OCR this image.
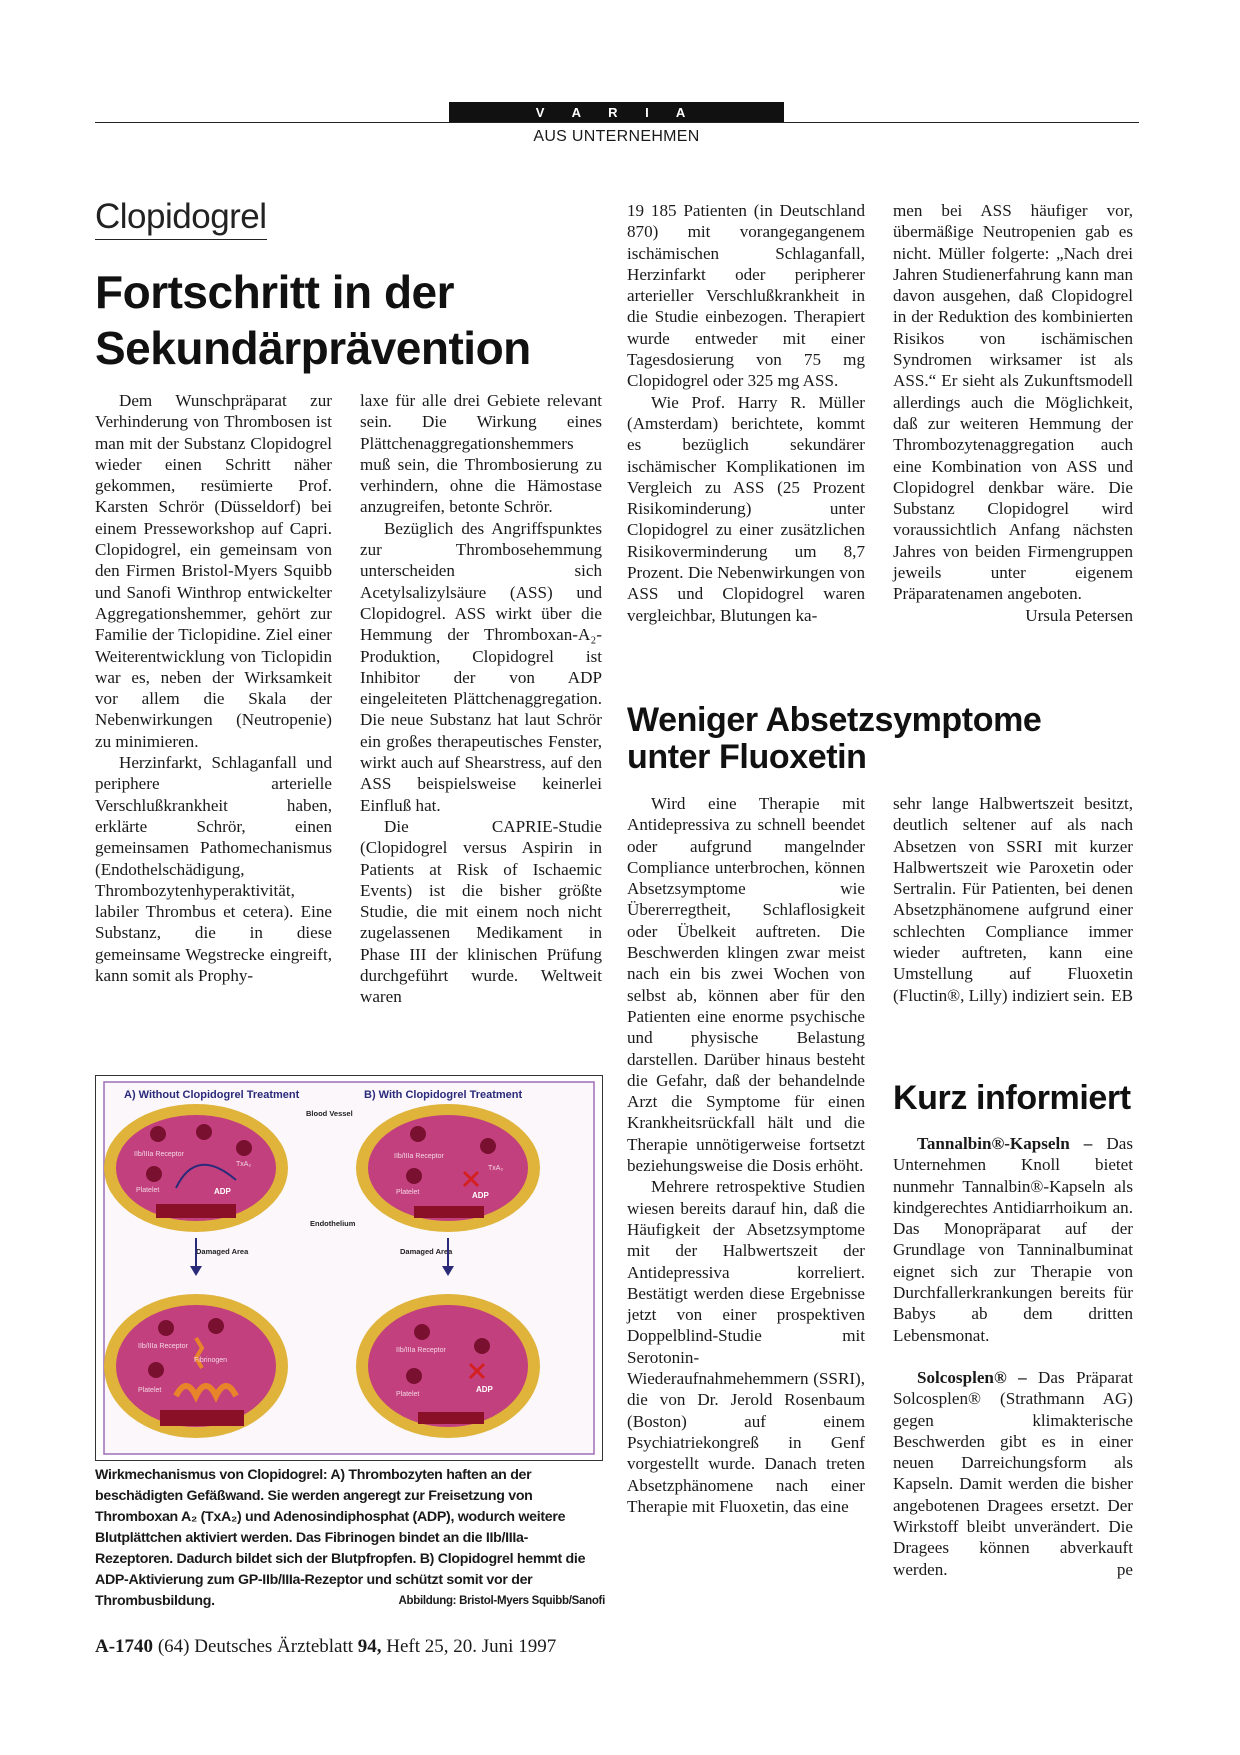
V A R I A
AUS UNTERNEHMEN
Clopidogrel
Fortschritt in der
Sekundärprävention

Dem Wunschpräparat zur Verhinderung von Thrombosen ist man mit der Substanz Clopidogrel wieder einen Schritt näher gekommen, resümierte Prof. Karsten Schrör (Düsseldorf) bei einem Presseworkshop auf Capri. Clopidogrel, ein gemeinsam von den Firmen Bristol-Myers Squibb und Sanofi Winthrop entwickelter Aggregationshemmer, gehört zur Familie der Ticlopidine. Ziel einer Weiterentwicklung von Ticlopidin war es, neben der Wirksamkeit vor allem die Skala der Nebenwirkungen (Neutropenie) zu minimieren.

Herzinfarkt, Schlaganfall und periphere arterielle Verschlußkrankheit haben, erklärte Schrör, einen gemeinsamen Pathomechanismus (Endothelschädigung, Thrombozytenhyperaktivität, labiler Thrombus et cetera). Eine Substanz, die in diese gemeinsame Wegstrecke eingreift, kann somit als Prophy-

laxe für alle drei Gebiete relevant sein. Die Wirkung eines Plättchenaggregationshemmers muß sein, die Thrombosierung zu verhindern, ohne die Hämostase anzugreifen, betonte Schrör.

Bezüglich des Angriffspunktes zur Thrombosehemmung unterscheiden sich Acetylsalizylsäure (ASS) und Clopidogrel. ASS wirkt über die Hemmung der Thromboxan-A₂-Produktion, Clopidogrel ist Inhibitor der von ADP eingeleiteten Plättchenaggregation. Die neue Substanz hat laut Schrör ein großes therapeutisches Fenster, wirkt auch auf Shearstress, auf den ASS beispielsweise keinerlei Einfluß hat.

Die CAPRIE-Studie (Clopidogrel versus Aspirin in Patients at Risk of Ischaemic Events) ist die bisher größte Studie, die mit einem noch nicht zugelassenen Medikament in Phase III der klinischen Prüfung durchgeführt wurde. Weltweit waren

19 185 Patienten (in Deutschland 870) mit vorangegangenem ischämischen Schlaganfall, Herzinfarkt oder peripherer arterieller Verschlußkrankheit in die Studie einbezogen. Therapiert wurde entweder mit einer Tagesdosierung von 75 mg Clopidogrel oder 325 mg ASS.

Wie Prof. Harry R. Müller (Amsterdam) berichtete, kommt es bezüglich sekundärer ischämischer Komplikationen im Vergleich zu ASS (25 Prozent Risikominderung) unter Clopidogrel zu einer zusätzlichen Risikoverminderung um 8,7 Prozent. Die Nebenwirkungen von ASS und Clopidogrel waren vergleichbar, Blutungen ka-

men bei ASS häufiger vor, übermäßige Neutropenien gab es nicht. Müller folgerte: „Nach drei Jahren Studienerfahrung kann man davon ausgehen, daß Clopidogrel in der Reduktion des kombinierten Risikos von ischämischen Syndromen wirksamer ist als ASS.“ Er sieht als Zukunftsmodell allerdings auch die Möglichkeit, daß zur weiteren Hemmung der Thrombozytenaggregation auch eine Kombination von ASS und Clopidogrel denkbar wäre. Die Substanz Clopidogrel wird voraussichtlich Anfang nächsten Jahres von beiden Firmengruppen jeweils unter eigenem Präparatenamen angeboten.
Ursula Petersen

A) Without Clopidogrel Treatment	B) With Clopidogrel Treatment
IIb/IIIa Receptor
Platelet
TxA₂
ADP
IIb/IIIa Receptor
Platelet
TxA₂
ADP
Blood Vessel
Endothelium
Damaged Area	Damaged Area
IIb/IIIa Receptor
Fibrinogen
Platelet
IIb/IIIa Receptor
Platelet
ADP
Wirkmechanismus von Clopidogrel: A) Thrombozyten haften an der beschädigten Gefäßwand. Sie werden angeregt zur Freisetzung von Thromboxan A₂ (TxA₂) und Adenosindiphosphat (ADP), wodurch weitere Blutplättchen aktiviert werden. Das Fibrinogen bindet an die IIb/IIIa-Rezeptoren. Dadurch bildet sich der Blutpfropfen. B) Clopidogrel hemmt die ADP-Aktivierung zum GP-IIb/IIIa-Rezeptor und schützt somit vor der Thrombusbildung.	Abbildung: Bristol-Myers Squibb/Sanofi
Weniger Absetzsymptome
unter Fluoxetin

Wird eine Therapie mit Antidepressiva zu schnell beendet oder aufgrund mangelnder Compliance unterbrochen, können Absetzsymptome wie Übererregtheit, Schlaflosigkeit oder Übelkeit auftreten. Die Beschwerden klingen zwar meist nach ein bis zwei Wochen von selbst ab, können aber für den Patienten eine enorme psychische und physische Belastung darstellen. Darüber hinaus besteht die Gefahr, daß der behandelnde Arzt die Symptome für einen Krankheitsrückfall hält und die Therapie unnötigerweise fortsetzt beziehungsweise die Dosis erhöht.

Mehrere retrospektive Studien wiesen bereits darauf hin, daß die Häufigkeit der Absetzsymptome mit der Halbwertszeit der Antidepressiva korreliert. Bestätigt werden diese Ergebnisse jetzt von einer prospektiven Doppelblind-Studie mit Serotonin-Wiederaufnahmehemmern (SSRI), die von Dr. Jerold Rosenbaum (Boston) auf einem Psychiatriekongreß in Genf vorgestellt wurde. Danach treten Absetzphänomene nach einer Therapie mit Fluoxetin, das eine

sehr lange Halbwertszeit besitzt, deutlich seltener auf als nach Absetzen von SSRI mit kurzer Halbwertszeit wie Paroxetin oder Sertralin. Für Patienten, bei denen Absetzphänomene aufgrund einer schlechten Compliance immer wieder auftreten, kann eine Umstellung auf Fluoxetin (Fluctin®, Lilly) indiziert sein. EB

Kurz informiert

Tannalbin®-Kapseln – Das Unternehmen Knoll bietet nunmehr Tannalbin®-Kapseln als kindgerechtes Antidiarrhoikum an. Das Monopräparat auf der Grundlage von Tanninalbuminat eignet sich zur Therapie von Durchfallerkrankungen bereits für Babys ab dem dritten Lebensmonat.

Solcosplen® – Das Präparat Solcosplen® (Strathmann AG) gegen klimakterische Beschwerden gibt es in einer neuen Darreichungsform als Kapseln. Damit werden die bisher angebotenen Dragees ersetzt. Der Wirkstoff bleibt unverändert. Die Dragees können abverkauft werden.	pe

A-1740 (64) Deutsches Ärzteblatt 94, Heft 25, 20. Juni 1997
